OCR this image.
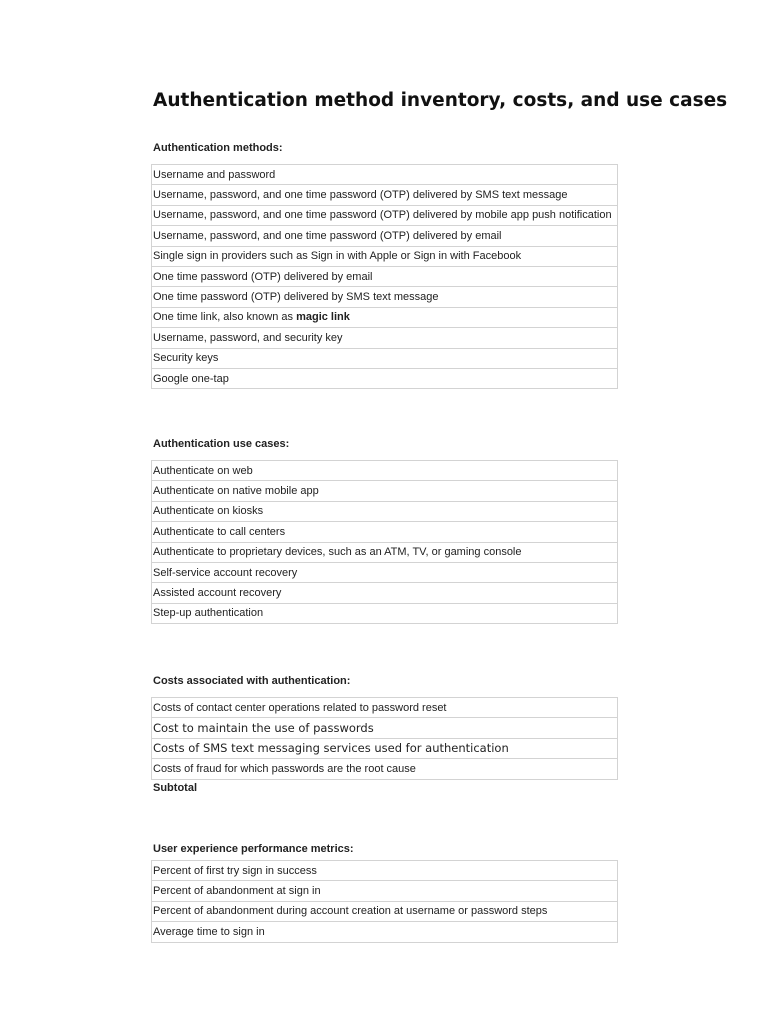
Authentication method inventory, costs, and use cases
Authentication methods:
Username and password
Username, password, and one time password (OTP) delivered by SMS text message
Username, password, and one time password (OTP) delivered by mobile app push notification
Username, password, and one time password (OTP) delivered by email
Single sign in providers such as Sign in with Apple or Sign in with Facebook
One time password (OTP) delivered by email
One time password (OTP) delivered by SMS text message
One time link, also known as magic link
Username, password, and security key
Security keys
Google one-tap
Authentication use cases:
Authenticate on web
Authenticate on native mobile app
Authenticate on kiosks
Authenticate to call centers
Authenticate to proprietary devices, such as an ATM, TV, or gaming console
Self-service account recovery
Assisted account recovery
Step-up authentication
Costs associated with authentication:
Costs of contact center operations related to password reset
Cost to maintain the use of passwords
Costs of SMS text messaging services used for authentication
Costs of fraud for which passwords are the root cause
Subtotal
User experience performance metrics:
Percent of first try sign in success
Percent of abandonment at sign in
Percent of abandonment during account creation at username or password steps
Average time to sign in
